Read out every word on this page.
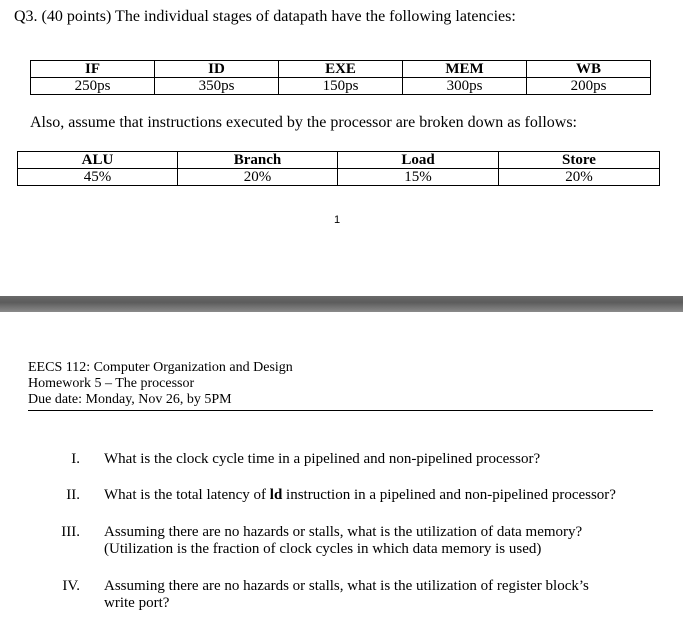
Q3. (40 points) The individual stages of datapath have the following latencies:
IF	ID	EXE	MEM	WB
250ps	350ps	150ps	300ps	200ps
Also, assume that instructions executed by the processor are broken down as follows:
ALU	Branch	Load	Store
45%	20%	15%	20%
1
EECS 112: Computer Organization and Design
Homework 5 – The processor
Due date: Monday, Nov 26, by 5PM
I. What is the clock cycle time in a pipelined and non-pipelined processor?
II. What is the total latency of ld instruction in a pipelined and non-pipelined processor?
III. Assuming there are no hazards or stalls, what is the utilization of data memory?
(Utilization is the fraction of clock cycles in which data memory is used)
IV. Assuming there are no hazards or stalls, what is the utilization of register block’s
write port?
